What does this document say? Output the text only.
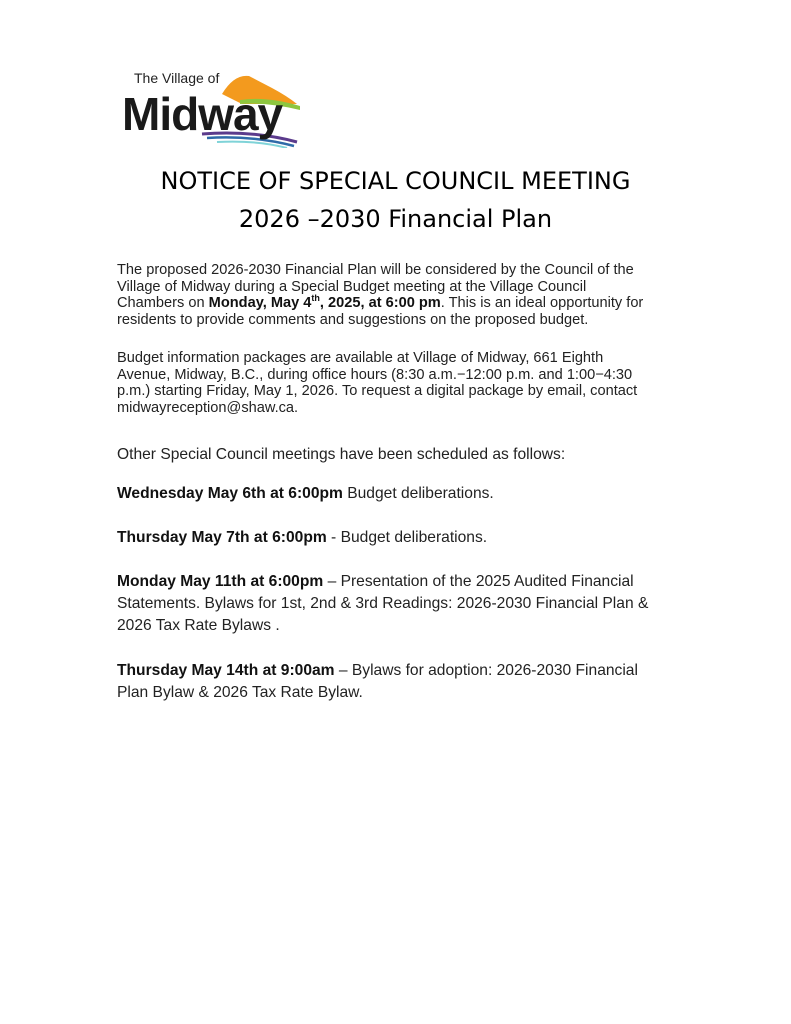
The Village of
Midway
NOTICE OF SPECIAL COUNCIL MEETING
2026 –2030 Financial Plan
The proposed 2026-2030 Financial Plan will be considered by the Council of the
Village of Midway during a Special Budget meeting at the Village Council
Chambers on Monday, May 4th, 2025, at 6:00 pm. This is an ideal opportunity for
residents to provide comments and suggestions on the proposed budget.
Budget information packages are available at Village of Midway, 661 Eighth
Avenue, Midway, B.C., during office hours (8:30 a.m.−12:00 p.m. and 1:00−4:30
p.m.) starting Friday, May 1, 2026. To request a digital package by email, contact
midwayreception@shaw.ca.
Other Special Council meetings have been scheduled as follows:
Wednesday May 6th at 6:00pm Budget deliberations.
Thursday May 7th at 6:00pm - Budget deliberations.
Monday May 11th at 6:00pm – Presentation of the 2025 Audited Financial
Statements. Bylaws for 1st, 2nd & 3rd Readings: 2026-2030 Financial Plan &
2026 Tax Rate Bylaws .
Thursday May 14th at 9:00am – Bylaws for adoption: 2026-2030 Financial
Plan Bylaw & 2026 Tax Rate Bylaw.
